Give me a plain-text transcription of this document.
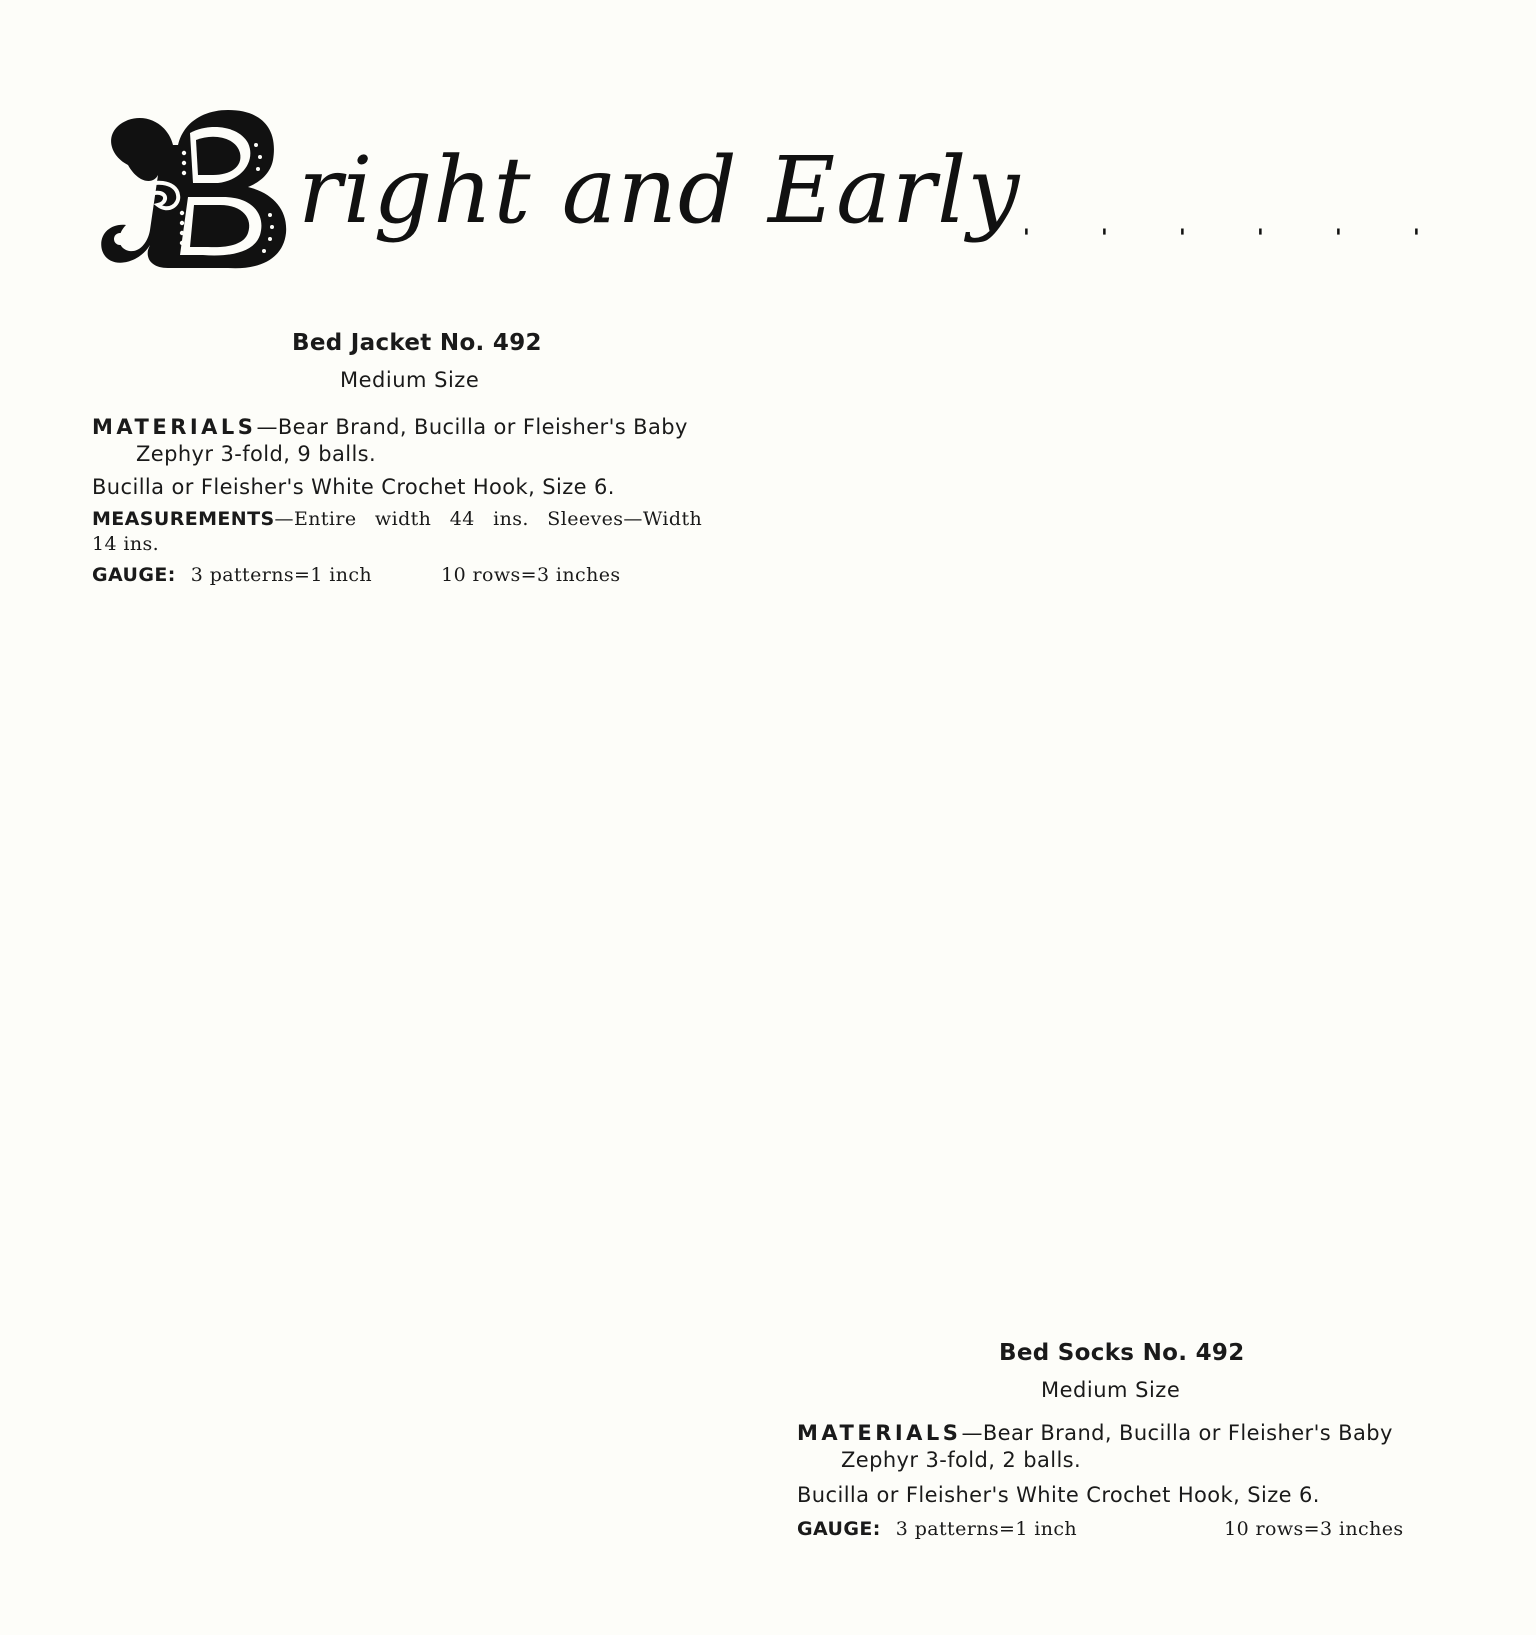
right and Early '	'	'	'	'	'
Bed Jacket No. 492
Medium Size
MATERIALS—Bear Brand, Bucilla or Fleisher's Baby
Zephyr 3-fold, 9 balls.
Bucilla or Fleisher's White Crochet Hook, Size 6.
MEASUREMENTS—Entire width 44 ins. Sleeves—Width
14 ins.
GAUGE: 3 patterns=1 inch	10 rows=3 inches
Bed Socks No. 492
Medium Size
MATERIALS—Bear Brand, Bucilla or Fleisher's Baby
Zephyr 3-fold, 2 balls.
Bucilla or Fleisher's White Crochet Hook, Size 6.
GAUGE: 3 patterns=1 inch	10 rows=3 inches
